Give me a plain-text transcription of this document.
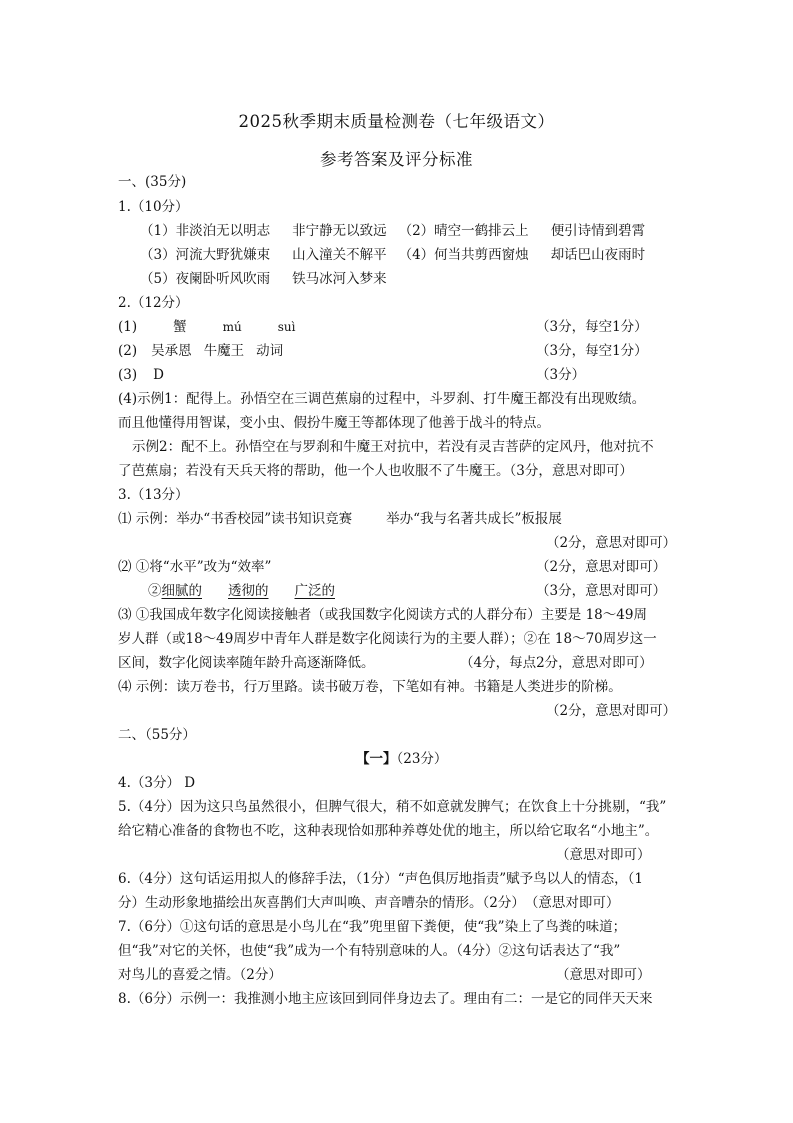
2025秋季期末质量检测卷（七年级语文）
参考答案及评分标准
一、(35分)
1.（10分）
（1）非淡泊无以明志 非宁静无以致远 （2）晴空一鹤排云上 便引诗情到碧霄
（3）河流大野犹嫌束 山入潼关不解平 （4）何当共剪西窗烛 却话巴山夜雨时
（5）夜阑卧听风吹雨 铁马冰河入梦来
2.（12分）
(1)	蟹	mú	suì	（3分，每空1分）
(2) 吴承恩 牛魔王 动词	（3分，每空1分）
(3) D	（3分）
(4)示例1：配得上。孙悟空在三调芭蕉扇的过程中，斗罗刹、打牛魔王都没有出现败绩。
而且他懂得用智谋，变小虫、假扮牛魔王等都体现了他善于战斗的特点。
示例2：配不上。孙悟空在与罗刹和牛魔王对抗中，若没有灵吉菩萨的定风丹，他对抗不
了芭蕉扇；若没有天兵天将的帮助，他一个人也收服不了牛魔王。（3分，意思对即可）
3.（13分）
⑴ 示例：举办“书香校园”读书知识竞赛	举办“我与名著共成长”板报展
（2分，意思对即可）
⑵ ①将“水平”改为“效率”	（2分，意思对即可）
②细腻的 透彻的 广泛的	（3分，意思对即可）
⑶ ①我国成年数字化阅读接触者（或我国数字化阅读方式的人群分布）主要是 18～49周
岁人群（或18～49周岁中青年人群是数字化阅读行为的主要人群）；②在 18～70周岁这一
区间，数字化阅读率随年龄升高逐渐降低。	（4分，每点2分，意思对即可）
⑷ 示例：读万卷书，行万里路。读书破万卷，下笔如有神。书籍是人类进步的阶梯。
（2分，意思对即可）
二、（55分）
【一】（23分）
4.（3分） D
5.（4分）因为这只鸟虽然很小，但脾气很大，稍不如意就发脾气；在饮食上十分挑剔，“我”
给它精心准备的食物也不吃，这种表现恰如那种养尊处优的地主，所以给它取名“小地主”。
（意思对即可）
6.（4分）这句话运用拟人的修辞手法，（1分）“声色俱厉地指责”赋予鸟以人的情态，（1
分）生动形象地描绘出灰喜鹊们大声叫唤、声音嘈杂的情形。（2分）　（意思对即可）
7.（6分）①这句话的意思是小鸟儿在“我”兜里留下粪便，使“我”染上了鸟粪的味道；
但“我”对它的关怀，也使“我”成为一个有特别意味的人。（4分）②这句话表达了“我”
对鸟儿的喜爱之情。（2分）	（意思对即可）
8.（6分）示例一：我推测小地主应该回到同伴身边去了。理由有二：一是它的同伴天天来
